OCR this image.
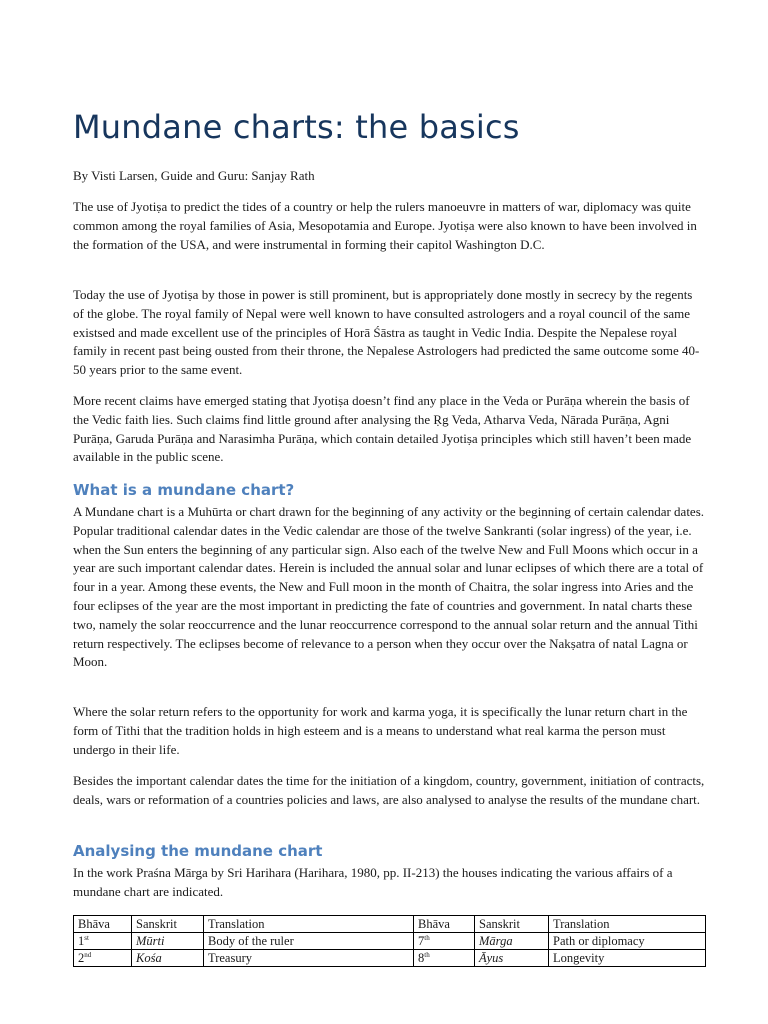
Mundane charts: the basics

By Visti Larsen, Guide and Guru: Sanjay Rath

The use of Jyotiṣa to predict the tides of a country or help the rulers manoeuvre in matters of war, diplomacy was quite common among the royal families of Asia, Mesopotamia and Europe. Jyotiṣa were also known to have been involved in the formation of the USA, and were instrumental in forming their capitol Washington D.C.

Today the use of Jyotiṣa by those in power is still prominent, but is appropriately done mostly in secrecy by the regents of the globe. The royal family of Nepal were well known to have consulted astrologers and a royal council of the same existsed and made excellent use of the principles of Horā Śāstra as taught in Vedic India. Despite the Nepalese royal family in recent past being ousted from their throne, the Nepalese Astrologers had predicted the same outcome some 40-50 years prior to the same event.

More recent claims have emerged stating that Jyotiṣa doesn’t find any place in the Veda or Purāṇa wherein the basis of the Vedic faith lies. Such claims find little ground after analysing the Ṛg Veda, Atharva Veda, Nārada Purāṇa, Agni Purāṇa, Garuda Purāṇa and Narasimha Purāṇa, which contain detailed Jyotiṣa principles which still haven’t been made available in the public scene.

What is a mundane chart?

A Mundane chart is a Muhūrta or chart drawn for the beginning of any activity or the beginning of certain calendar dates. Popular traditional calendar dates in the Vedic calendar are those of the twelve Sankranti (solar ingress) of the year, i.e. when the Sun enters the beginning of any particular sign. Also each of the twelve New and Full Moons which occur in a year are such important calendar dates. Herein is included the annual solar and lunar eclipses of which there are a total of four in a year. Among these events, the New and Full moon in the month of Chaitra, the solar ingress into Aries and the four eclipses of the year are the most important in predicting the fate of countries and government. In natal charts these two, namely the solar reoccurrence and the lunar reoccurrence correspond to the annual solar return and the annual Tithi return respectively. The eclipses become of relevance to a person when they occur over the Nakṣatra of natal Lagna or Moon.

Where the solar return refers to the opportunity for work and karma yoga, it is specifically the lunar return chart in the form of Tithi that the tradition holds in high esteem and is a means to understand what real karma the person must undergo in their life.

Besides the important calendar dates the time for the initiation of a kingdom, country, government, initiation of contracts, deals, wars or reformation of a countries policies and laws, are also analysed to analyse the results of the mundane chart.

Analysing the mundane chart

In the work Praśna Mārga by Sri Harihara (Harihara, 1980, pp. II-213) the houses indicating the various affairs of a mundane chart are indicated.

Bhāva	Sanskrit	Translation	Bhāva	Sanskrit	Translation
1st	Mūrti	Body of the ruler	7th	Mārga	Path or diplomacy
2nd	Kośa	Treasury	8th	Āyus	Longevity
